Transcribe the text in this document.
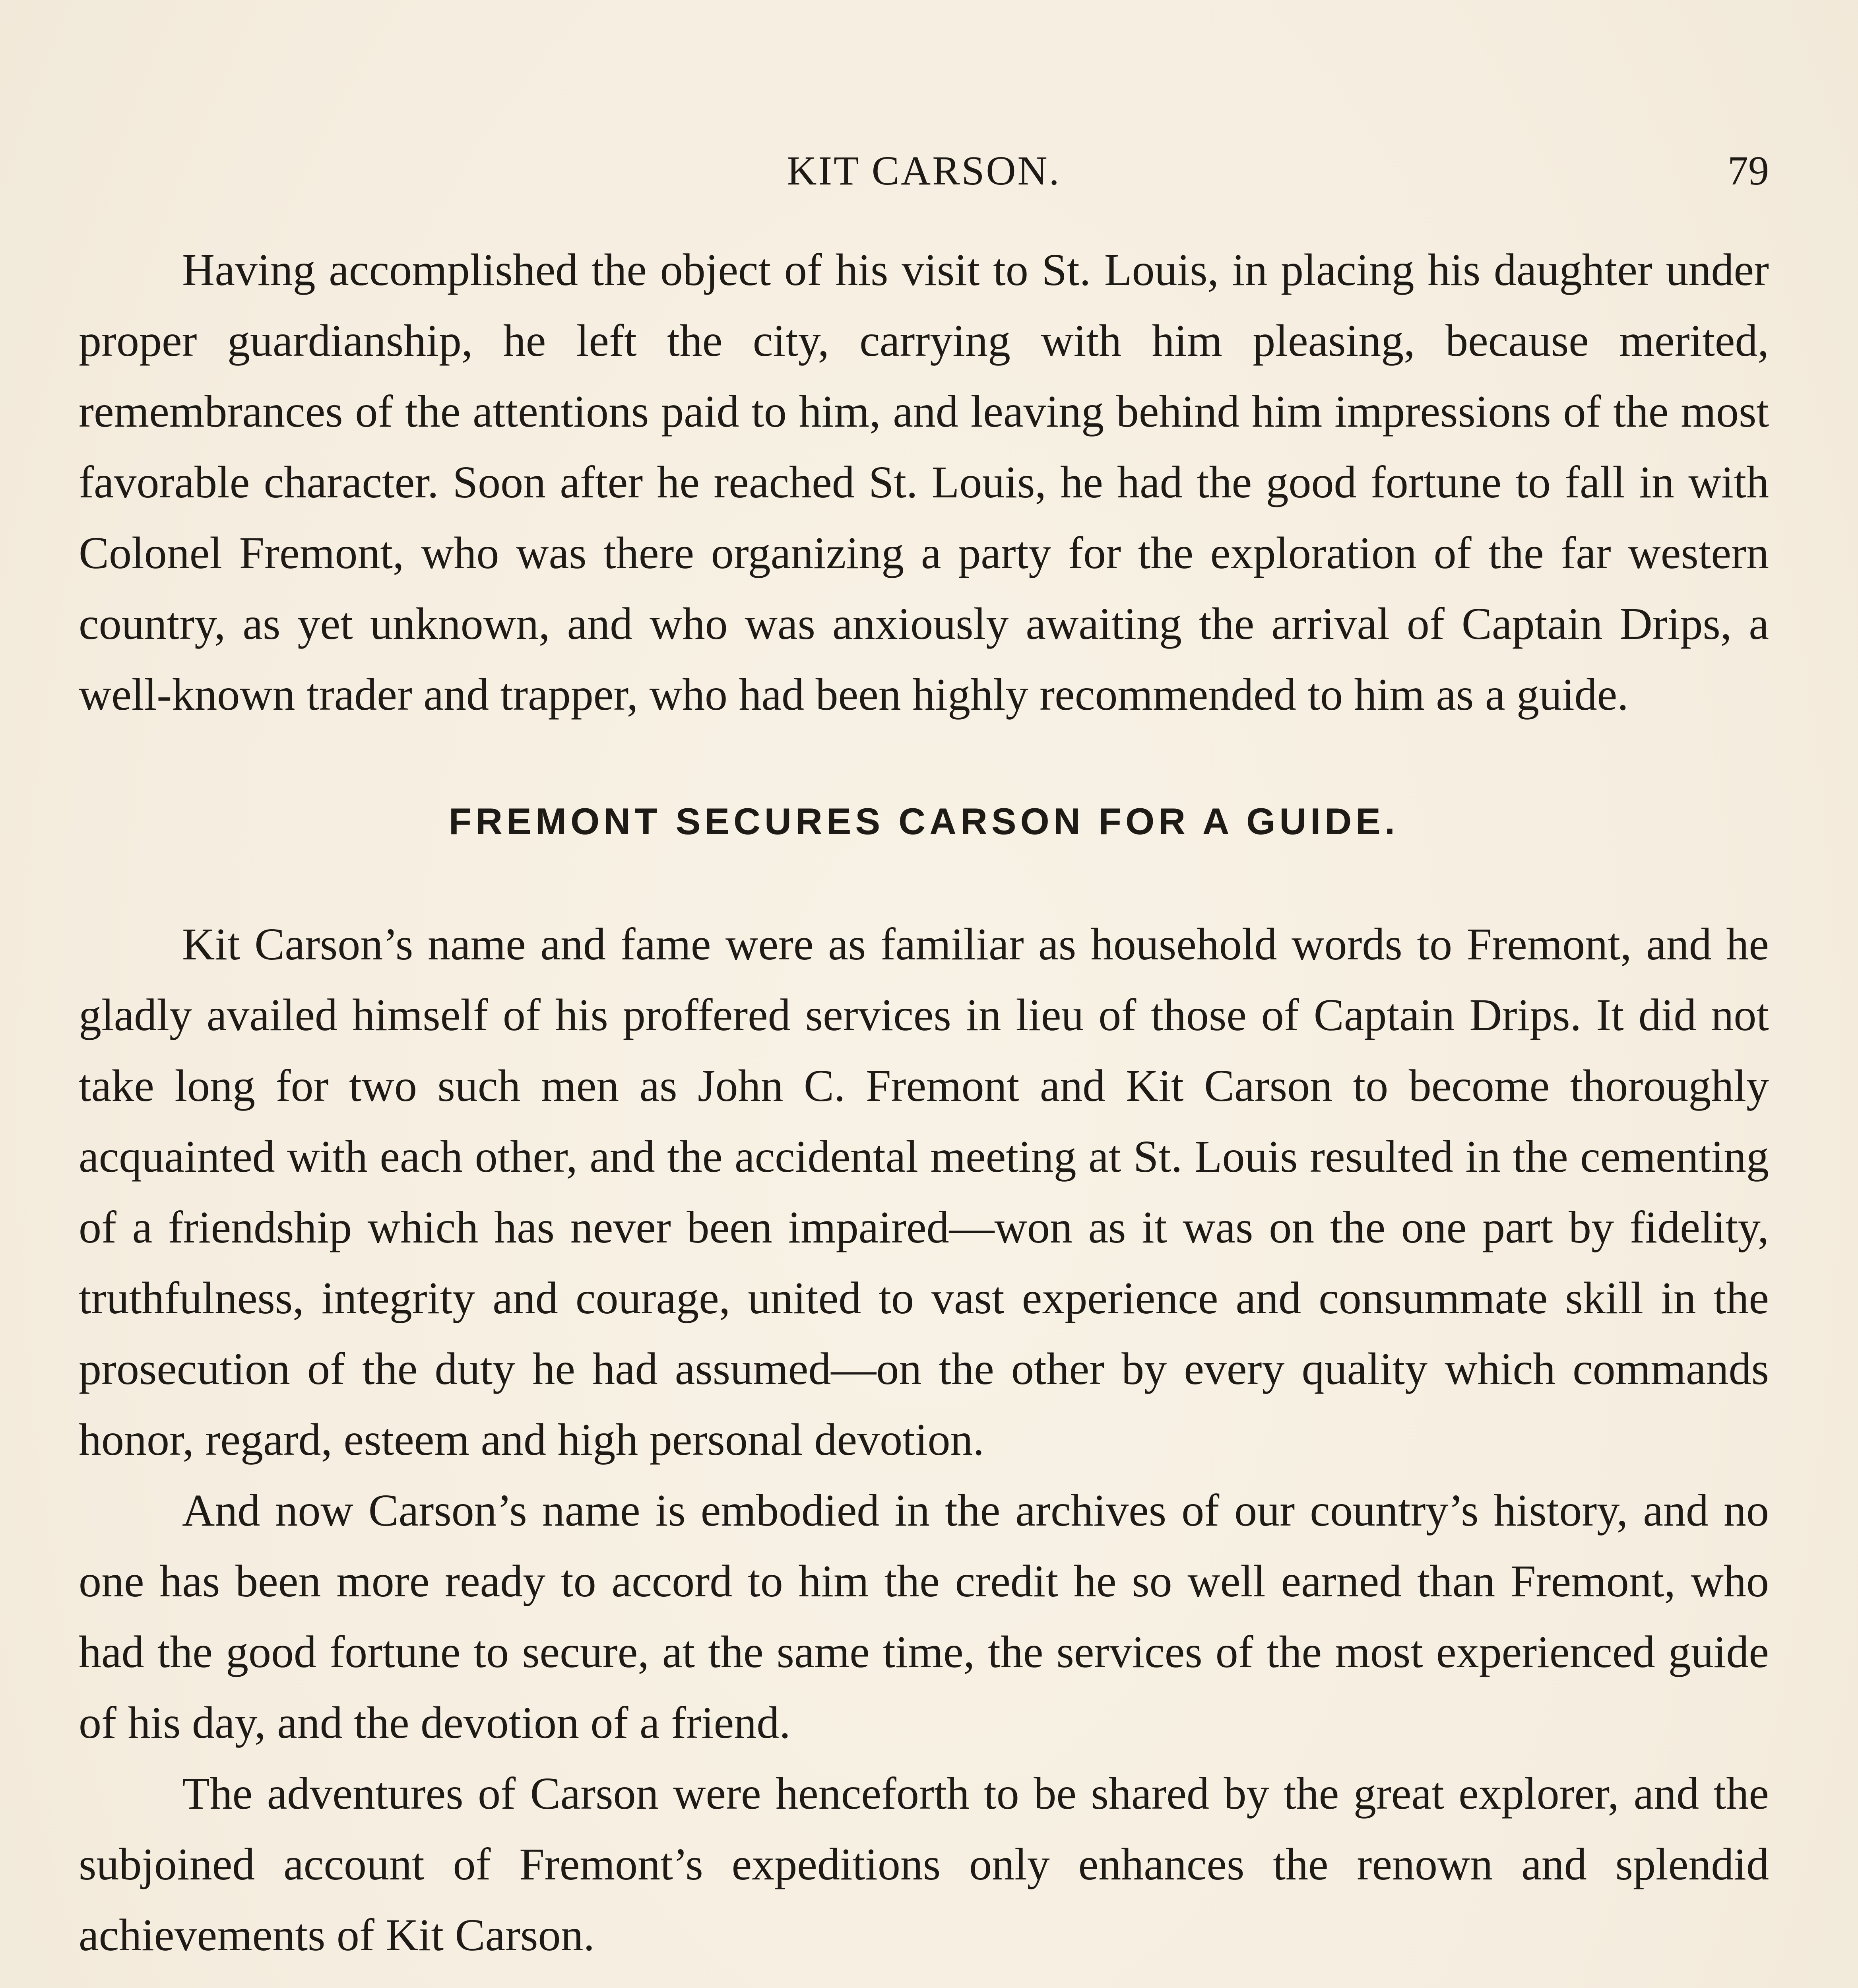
KIT CARSON.	79

Having accomplished the object of his visit to St. Louis, in placing his daughter under proper guardianship, he left the city, carrying with him pleasing, because merited, remembrances of the attentions paid to him, and leaving behind him impressions of the most favorable character. Soon after he reached St. Louis, he had the good fortune to fall in with Colonel Fremont, who was there organizing a party for the exploration of the far western country, as yet unknown, and who was anxiously awaiting the arrival of Captain Drips, a well-known trader and trapper, who had been highly recommended to him as a guide.

FREMONT SECURES CARSON FOR A GUIDE.

Kit Carson’s name and fame were as familiar as household words to Fremont, and he gladly availed himself of his proffered services in lieu of those of Captain Drips. It did not take long for two such men as John C. Fremont and Kit Carson to become thoroughly acquainted with each other, and the accidental meeting at St. Louis resulted in the cementing of a friendship which has never been impaired—won as it was on the one part by fidelity, truthfulness, integrity and courage, united to vast experience and consummate skill in the prosecution of the duty he had assumed—on the other by every quality which commands honor, regard, esteem and high personal devotion.

And now Carson’s name is embodied in the archives of our country’s history, and no one has been more ready to accord to him the credit he so well earned than Fremont, who had the good fortune to secure, at the same time, the services of the most experienced guide of his day, and the devotion of a friend.

The adventures of Carson were henceforth to be shared by the great explorer, and the subjoined account of Fremont’s expeditions only enhances the renown and splendid achievements of Kit Carson.
